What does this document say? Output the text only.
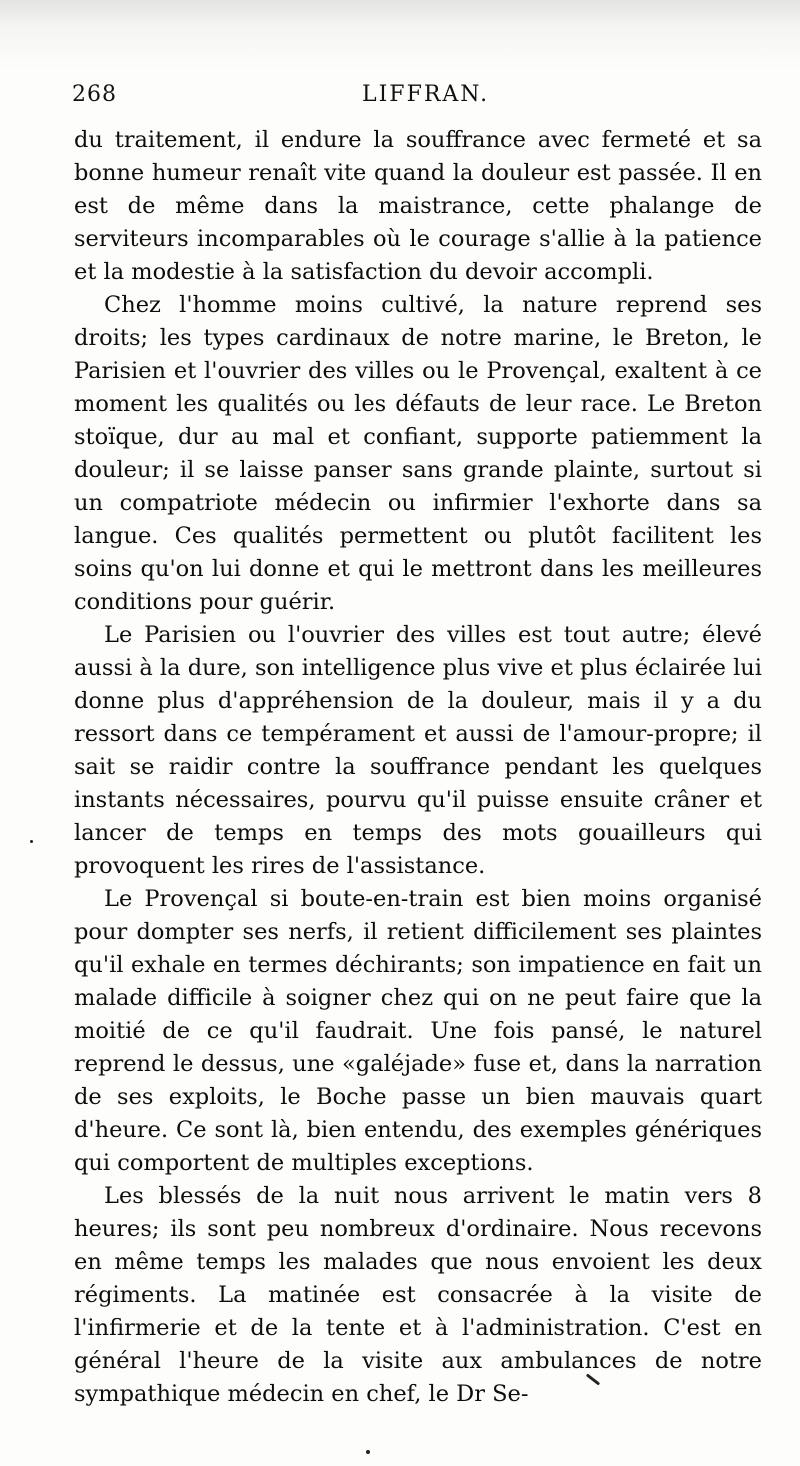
268	LIFFRAN.

du traitement, il endure la souffrance avec fermeté et sa bonne humeur renaît vite quand la douleur est passée. Il en est de même dans la maistrance, cette phalange de serviteurs incomparables où le courage s'allie à la patience et la modestie à la satisfaction du devoir accompli.

Chez l'homme moins cultivé, la nature reprend ses droits; les types cardinaux de notre marine, le Breton, le Parisien et l'ouvrier des villes ou le Provençal, exaltent à ce moment les qualités ou les défauts de leur race. Le Breton stoïque, dur au mal et confiant, supporte patiemment la douleur; il se laisse panser sans grande plainte, surtout si un compatriote médecin ou infirmier l'exhorte dans sa langue. Ces qualités permettent ou plutôt facilitent les soins qu'on lui donne et qui le mettront dans les meilleures conditions pour guérir.

Le Parisien ou l'ouvrier des villes est tout autre; élevé aussi à la dure, son intelligence plus vive et plus éclairée lui donne plus d'appréhension de la douleur, mais il y a du ressort dans ce tempérament et aussi de l'amour-propre; il sait se raidir contre la souffrance pendant les quelques instants nécessaires, pourvu qu'il puisse ensuite crâner et lancer de temps en temps des mots gouailleurs qui provoquent les rires de l'assistance.

Le Provençal si boute-en-train est bien moins organisé pour dompter ses nerfs, il retient difficilement ses plaintes qu'il exhale en termes déchirants; son impatience en fait un malade difficile à soigner chez qui on ne peut faire que la moitié de ce qu'il faudrait. Une fois pansé, le naturel reprend le dessus, une «galéjade» fuse et, dans la narration de ses exploits, le Boche passe un bien mauvais quart d'heure. Ce sont là, bien entendu, des exemples génériques qui comportent de multiples exceptions.

Les blessés de la nuit nous arrivent le matin vers 8 heures; ils sont peu nombreux d'ordinaire. Nous recevons en même temps les malades que nous envoient les deux régiments. La matinée est consacrée à la visite de l'infirmerie et de la tente et à l'administration. C'est en général l'heure de la visite aux ambulances de notre sympathique médecin en chef, le Dr Se-
